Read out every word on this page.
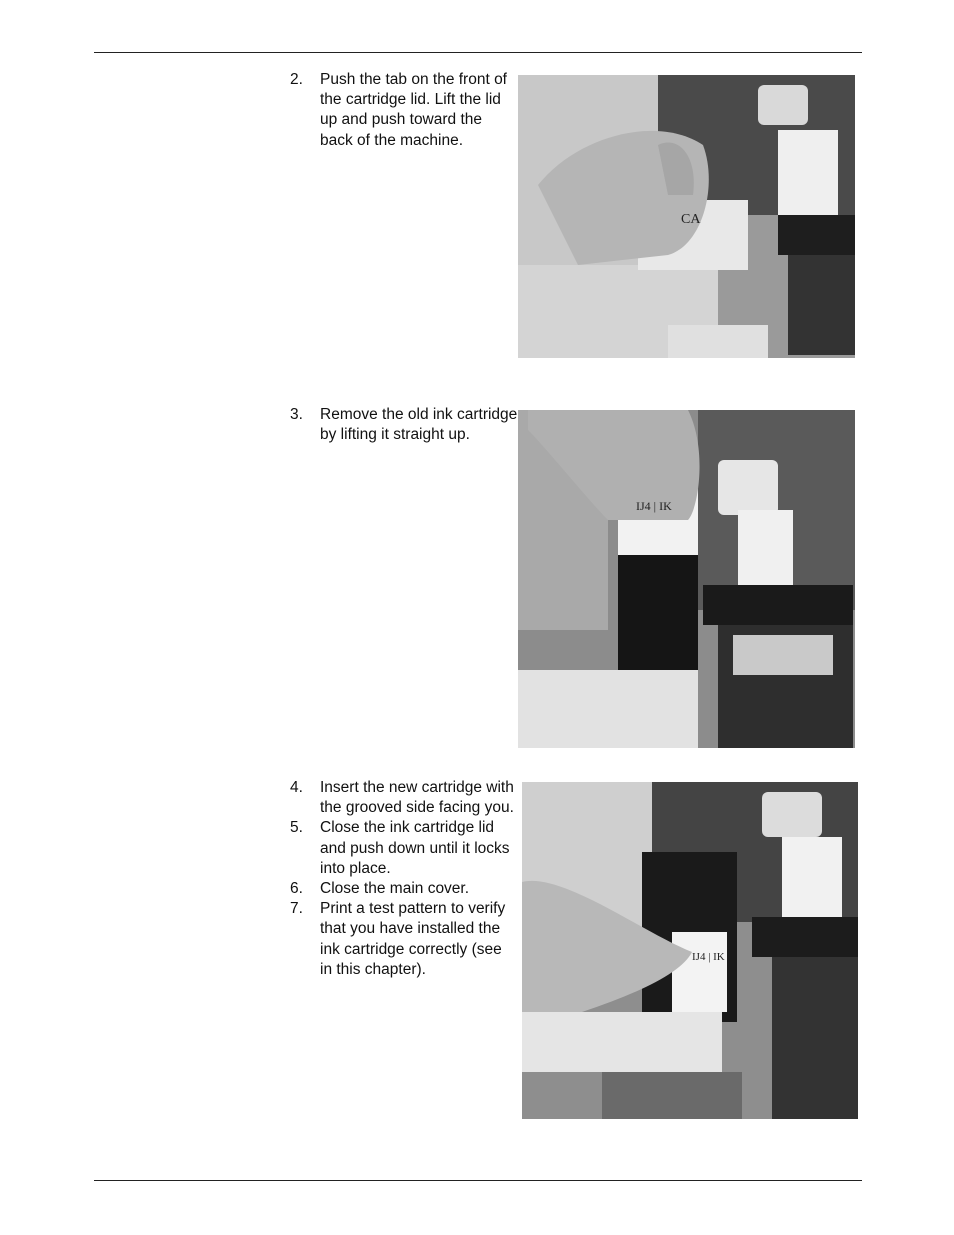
2. Push the tab on the front of the cartridge lid. Lift the lid up and push toward the back of the machine.
CA
3. Remove the old ink cartridge by lifting it straight up.
IJ4 | IK
4. Insert the new cartridge with the grooved side facing you.
5. Close the ink cartridge lid and push down until it locks into place.
6. Close the main cover.
7. Print a test pattern to verify that you have installed the ink cartridge correctly (see in this chapter).
IJ4 | IK
